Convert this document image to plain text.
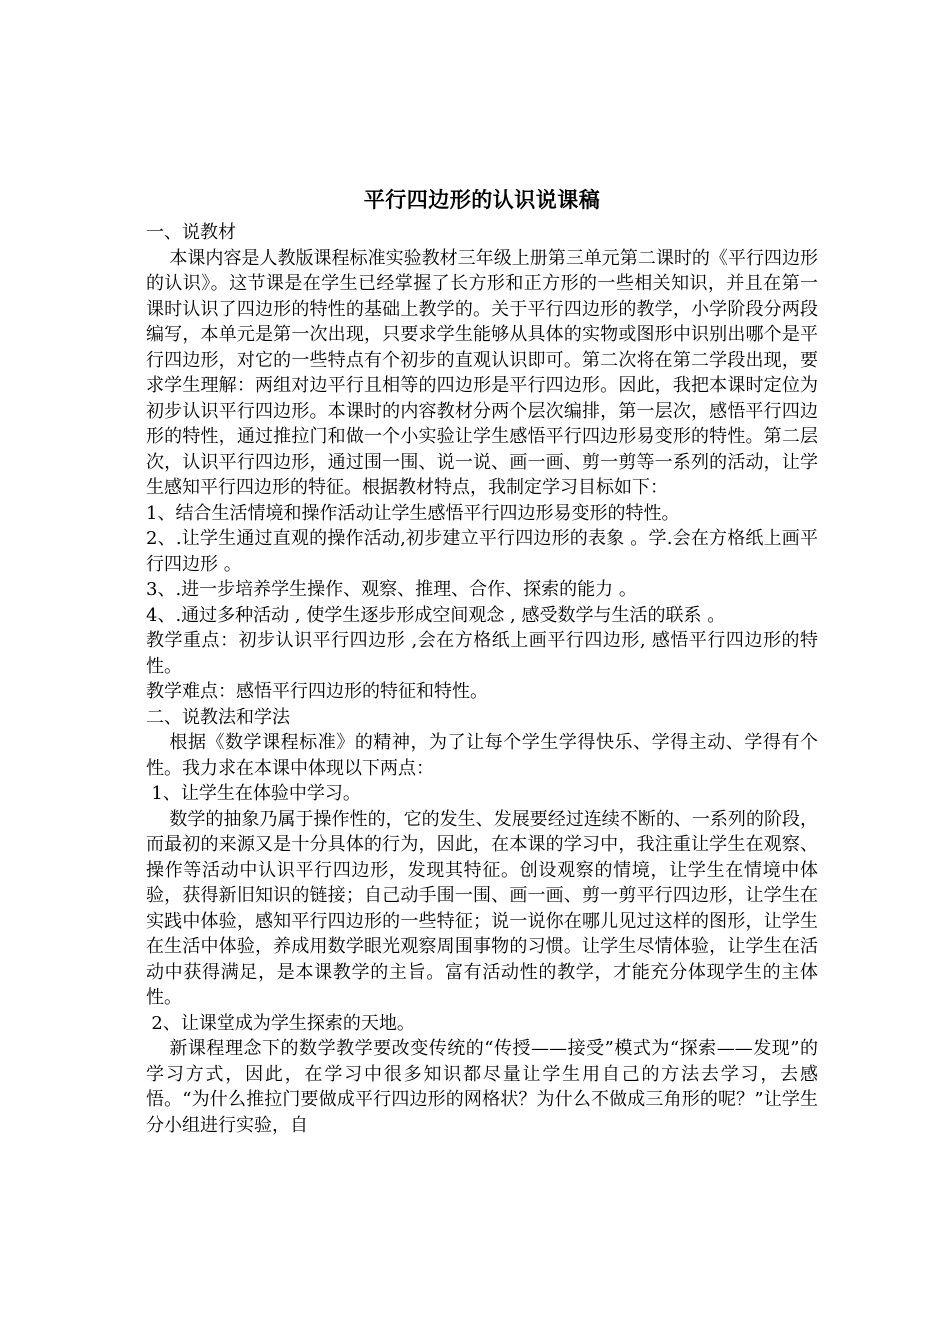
平行四边形的认识说课稿

一、说教材

本课内容是人教版课程标准实验教材三年级上册第三单元第二课时的《平行四边形的认识》。这节课是在学生已经掌握了长方形和正方形的一些相关知识，并且在第一课时认识了四边形的特性的基础上教学的。关于平行四边形的教学，小学阶段分两段编写，本单元是第一次出现，只要求学生能够从具体的实物或图形中识别出哪个是平行四边形，对它的一些特点有个初步的直观认识即可。第二次将在第二学段出现，要求学生理解：两组对边平行且相等的四边形是平行四边形。因此，我把本课时定位为初步认识平行四边形。本课时的内容教材分两个层次编排，第一层次，感悟平行四边形的特性，通过推拉门和做一个小实验让学生感悟平行四边形易变形的特性。第二层次，认识平行四边形，通过围一围、说一说、画一画、剪一剪等一系列的活动，让学生感知平行四边形的特征。根据教材特点，我制定学习目标如下：

1、结合生活情境和操作活动让学生感悟平行四边形易变形的特性。

2、.让学生通过直观的操作活动,初步建立平行四边形的表象 。学.会在方格纸上画平行四边形 。

3、.进一步培养学生操作、观察、推理、合作、探索的能力 。

4、.通过多种活动 , 使学生逐步形成空间观念 , 感受数学与生活的联系 。

教学重点：初步认识平行四边形 ,会在方格纸上画平行四边形, 感悟平行四边形的特性。

教学难点：感悟平行四边形的特征和特性。

二、说教法和学法

根据《数学课程标准》的精神，为了让每个学生学得快乐、学得主动、学得有个性。我力求在本课中体现以下两点：

1、让学生在体验中学习。

数学的抽象乃属于操作性的，它的发生、发展要经过连续不断的、一系列的阶段，而最初的来源又是十分具体的行为，因此，在本课的学习中，我注重让学生在观察、操作等活动中认识平行四边形，发现其特征。创设观察的情境，让学生在情境中体验，获得新旧知识的链接；自己动手围一围、画一画、剪一剪平行四边形，让学生在实践中体验，感知平行四边形的一些特征；说一说你在哪儿见过这样的图形，让学生在生活中体验，养成用数学眼光观察周围事物的习惯。让学生尽情体验，让学生在活动中获得满足，是本课教学的主旨。富有活动性的教学，才能充分体现学生的主体性。

2、让课堂成为学生探索的天地。

新课程理念下的数学教学要改变传统的“传授——接受”模式为“探索——发现”的学习方式，因此，在学习中很多知识都尽量让学生用自己的方法去学习，去感悟。“为什么推拉门要做成平行四边形的网格状？为什么不做成三角形的呢？”让学生分小组进行实验，自
